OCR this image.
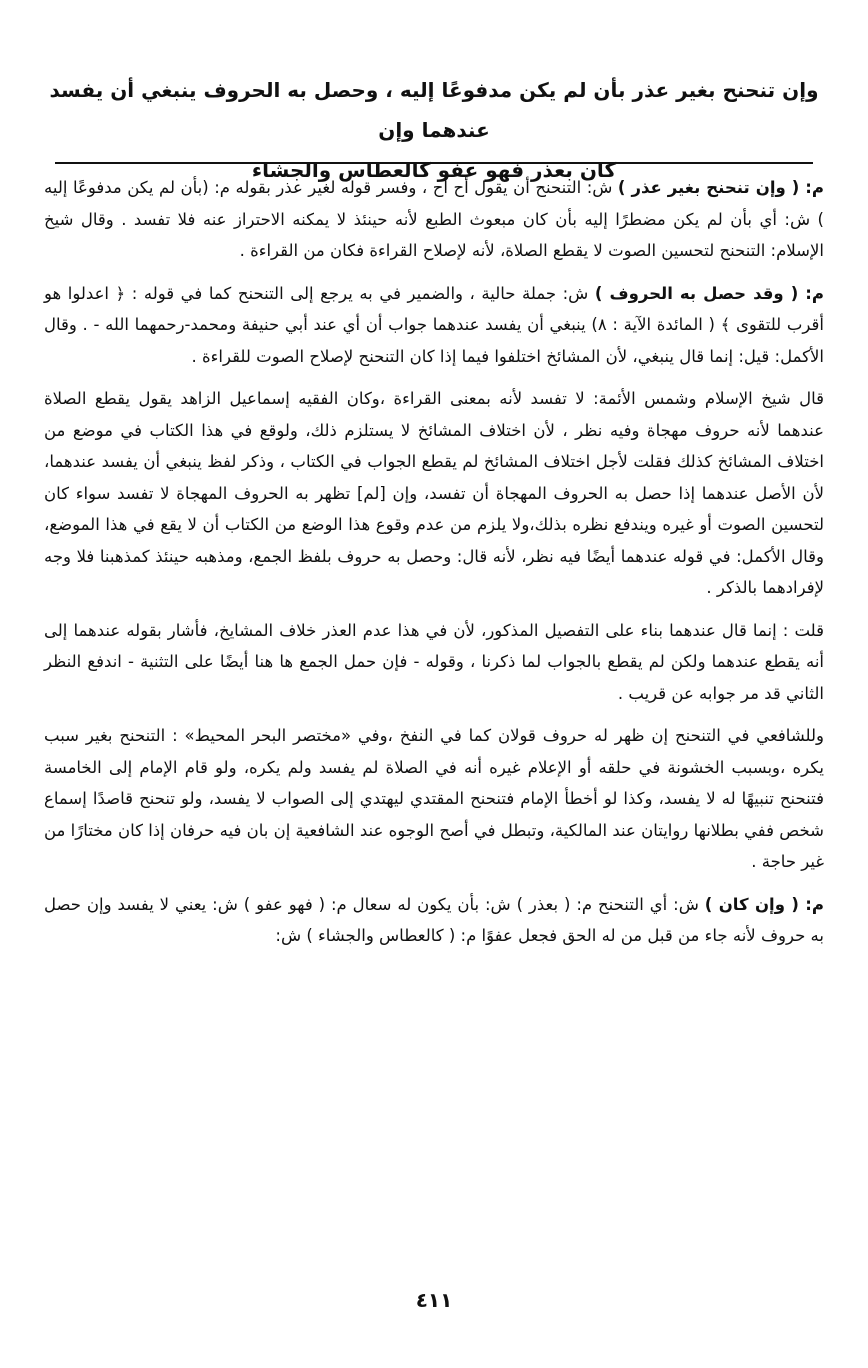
وإن تنحنح بغير عذر بأن لم يكن مدفوعًا إليه ، وحصل به الحروف ينبغي أن يفسد عندهما وإن

كان بعذر فهو عفو كالعطاس والجشاء

م: ( وإن تنحنح بغير عذر ) ش: التنحنح أن يقول أح أح ، وفسر قوله لغير عذر بقوله م: (بأن لم يكن مدفوعًا إليه ) ش: أي بأن لم يكن مضطرًا إليه بأن كان مبعوث الطبع لأنه حينئذ لا يمكنه الاحتراز عنه فلا تفسد . وقال شيخ الإسلام: التنحنح لتحسين الصوت لا يقطع الصلاة، لأنه لإصلاح القراءة فكان من القراءة .

م: ( وقد حصل به الحروف ) ش: جملة حالية ، والضمير في به يرجع إلى التنحنح كما في قوله : ﴿ اعدلوا هو أقرب للتقوى ﴾ ( المائدة الآية : ٨) ينبغي أن يفسد عندهما جواب أن أي عند أبي حنيفة ومحمد-رحمهما الله - . وقال الأكمل: قيل: إنما قال ينبغي، لأن المشائخ اختلفوا فيما إذا كان التنحنح لإصلاح الصوت للقراءة .

قال شيخ الإسلام وشمس الأئمة: لا تفسد لأنه بمعنى القراءة ،وكان الفقيه إسماعيل الزاهد يقول يقطع الصلاة عندهما لأنه حروف مهجاة وفيه نظر ، لأن اختلاف المشائخ لا يستلزم ذلك، ولوقع في هذا الكتاب في موضع من اختلاف المشائخ كذلك فقلت لأجل اختلاف المشائخ لم يقطع الجواب في الكتاب ، وذكر لفظ ينبغي أن يفسد عندهما، لأن الأصل عندهما إذا حصل به الحروف المهجاة أن تفسد، وإن [لم] تظهر به الحروف المهجاة لا تفسد سواء كان لتحسين الصوت أو غيره ويندفع نظره بذلك،ولا يلزم من عدم وقوع هذا الوضع من الكتاب أن لا يقع في هذا الموضع، وقال الأكمل: في قوله عندهما أيضًا فيه نظر، لأنه قال: وحصل به حروف بلفظ الجمع، ومذهبه حينئذ كمذهبنا فلا وجه لإفرادهما بالذكر .

قلت : إنما قال عندهما بناء على التفصيل المذكور، لأن في هذا عدم العذر خلاف المشايخ، فأشار بقوله عندهما إلى أنه يقطع عندهما ولكن لم يقطع بالجواب لما ذكرنا ، وقوله - فإن حمل الجمع ها هنا أيضًا على التثنية - اندفع النظر الثاني قد مر جوابه عن قريب .

وللشافعي في التنحنح إن ظهر له حروف قولان كما في النفخ ،وفي «مختصر البحر المحيط» : التنحنح بغير سبب يكره ،وبسبب الخشونة في حلقه أو الإعلام غيره أنه في الصلاة لم يفسد ولم يكره، ولو قام الإمام إلى الخامسة فتنحنح تنبيهًا له لا يفسد، وكذا لو أخطأ الإمام فتنحنح المقتدي ليهتدي إلى الصواب لا يفسد، ولو تنحنح قاصدًا إسماع شخص ففي بطلانها روايتان عند المالكية، وتبطل في أصح الوجوه عند الشافعية إن بان فيه حرفان إذا كان مختارًا من غير حاجة .

م: ( وإن كان ) ش: أي التنحنح م: ( بعذر ) ش: بأن يكون له سعال م: ( فهو عفو ) ش: يعني لا يفسد وإن حصل به حروف لأنه جاء من قبل من له الحق فجعل عفوًا م: ( كالعطاس والجشاء ) ش:

٤١١
